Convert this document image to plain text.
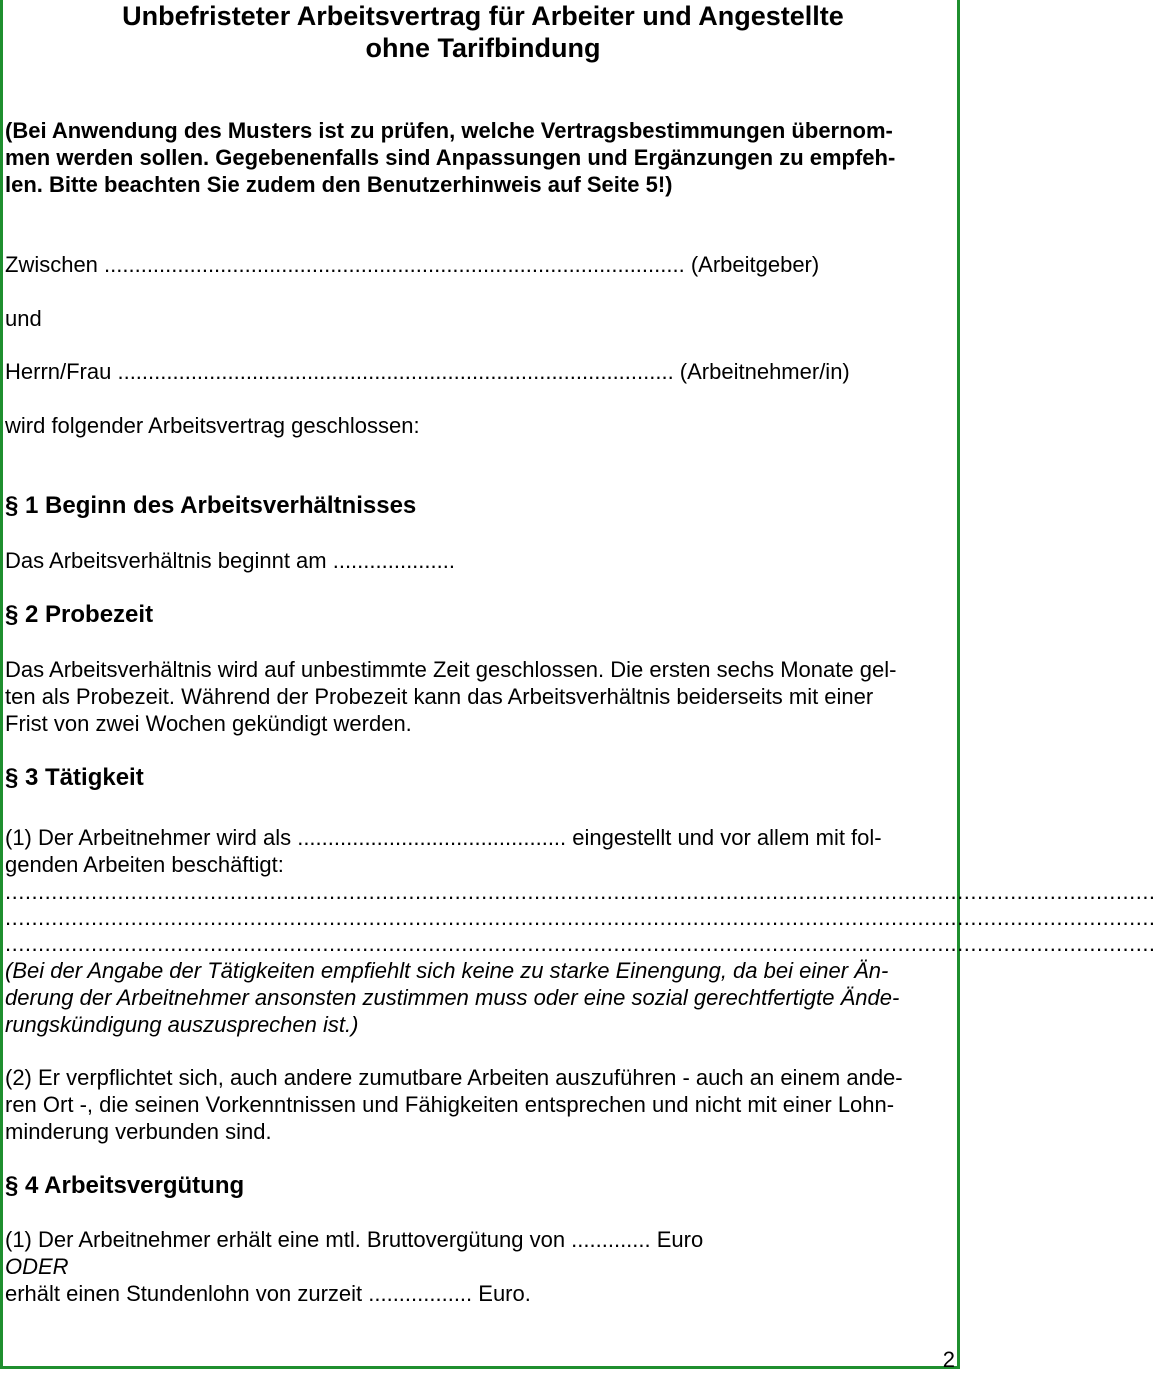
Unbefristeter Arbeitsvertrag für Arbeiter und Angestellte
ohne Tarifbindung
(Bei Anwendung des Musters ist zu prüfen, welche Vertragsbestimmungen übernom-
men werden sollen. Gegebenenfalls sind Anpassungen und Ergänzungen zu empfeh-
len. Bitte beachten Sie zudem den Benutzerhinweis auf Seite 5!)
Zwischen ............................................................................................... (Arbeitgeber)
und
Herrn/Frau ........................................................................................... (Arbeitnehmer/in)
wird folgender Arbeitsvertrag geschlossen:
§ 1 Beginn des Arbeitsverhältnisses
Das Arbeitsverhältnis beginnt am ....................
§ 2 Probezeit
Das Arbeitsverhältnis wird auf unbestimmte Zeit geschlossen. Die ersten sechs Monate gel-
ten als Probezeit. Während der Probezeit kann das Arbeitsverhältnis beiderseits mit einer
Frist von zwei Wochen gekündigt werden.
§ 3 Tätigkeit
(1) Der Arbeitnehmer wird als ............................................ eingestellt und vor allem mit fol-
genden Arbeiten beschäftigt:
..............................................................................................................................................................................
..............................................................................................................................................................................
..............................................................................................................................................................................
(Bei der Angabe der Tätigkeiten empfiehlt sich keine zu starke Einengung, da bei einer Än-
derung der Arbeitnehmer ansonsten zustimmen muss oder eine sozial gerechtfertigte Ände-
rungskündigung auszusprechen ist.)
(2) Er verpflichtet sich, auch andere zumutbare Arbeiten auszuführen - auch an einem ande-
ren Ort -, die seinen Vorkenntnissen und Fähigkeiten entsprechen und nicht mit einer Lohn-
minderung verbunden sind.
§ 4 Arbeitsvergütung
(1) Der Arbeitnehmer erhält eine mtl. Bruttovergütung von ............. Euro
ODER
erhält einen Stundenlohn von zurzeit ................. Euro.
2
